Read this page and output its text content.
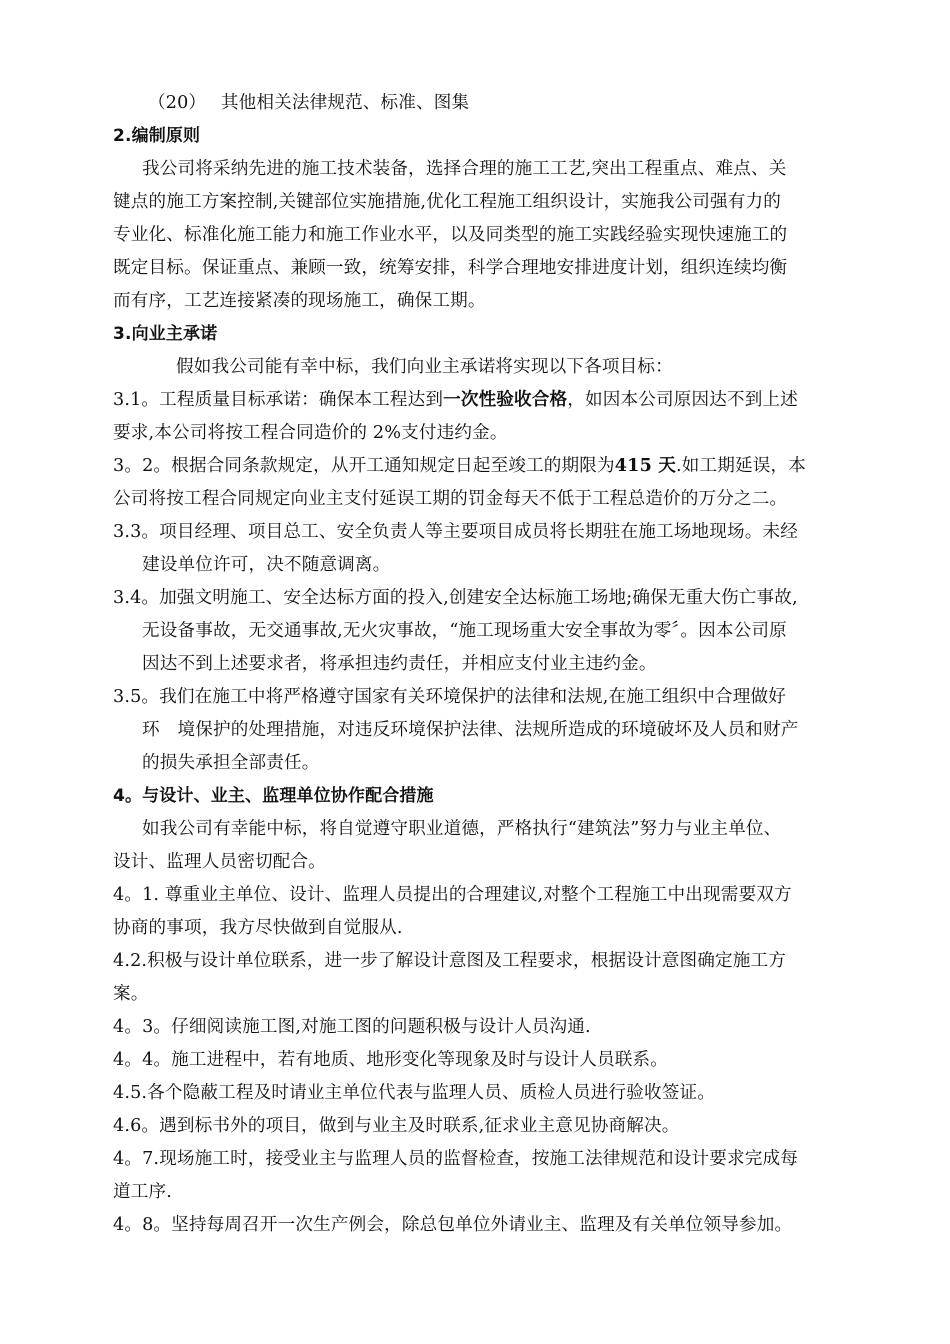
（20）　 其他相关法律规范、标准、图集
2.编制原则
我公司将采纳先进的施工技术装备，选择合理的施工工艺,突出工程重点、难点、关
键点的施工方案控制,关键部位实施措施,优化工程施工组织设计，实施我公司强有力的
专业化、标准化施工能力和施工作业水平，以及同类型的施工实践经验实现快速施工的
既定目标。保证重点、兼顾一致，统筹安排，科学合理地安排进度计划，组织连续均衡
而有序，工艺连接紧凑的现场施工，确保工期。
3.向业主承诺
假如我公司能有幸中标，我们向业主承诺将实现以下各项目标：
3.1。工程质量目标承诺：确保本工程达到一次性验收合格，如因本公司原因达不到上述
要求,本公司将按工程合同造价的 2%支付违约金。
3。2。根据合同条款规定，从开工通知规定日起至竣工的期限为415 天.如工期延误，本
公司将按工程合同规定向业主支付延误工期的罚金每天不低于工程总造价的万分之二。
3.3。项目经理、项目总工、安全负责人等主要项目成员将长期驻在施工场地现场。未经
建设单位许可，决不随意调离。
3.4。加强文明施工、安全达标方面的投入,创建安全达标施工场地;确保无重大伤亡事故,
无设备事故，无交通事故,无火灾事故，“施工现场重大安全事故为零〞。因本公司原
因达不到上述要求者，将承担违约责任，并相应支付业主违约金。
3.5。我们在施工中将严格遵守国家有关环境保护的法律和法规,在施工组织中合理做好
环　境保护的处理措施，对违反环境保护法律、法规所造成的环境破坏及人员和财产
的损失承担全部责任。
4。与设计、业主、监理单位协作配合措施
如我公司有幸能中标，将自觉遵守职业道德，严格执行“建筑法”努力与业主单位、
设计、监理人员密切配合。
4。1. 尊重业主单位、设计、监理人员提出的合理建议,对整个工程施工中出现需要双方
协商的事项，我方尽快做到自觉服从.
4.2.积极与设计单位联系，进一步了解设计意图及工程要求，根据设计意图确定施工方
案。
4。3。仔细阅读施工图,对施工图的问题积极与设计人员沟通.
4。4。施工进程中，若有地质、地形变化等现象及时与设计人员联系。
4.5.各个隐蔽工程及时请业主单位代表与监理人员、质检人员进行验收签证。
4.6。遇到标书外的项目，做到与业主及时联系,征求业主意见协商解决。
4。7.现场施工时，接受业主与监理人员的监督检查，按施工法律规范和设计要求完成每
道工序.
4。8。坚持每周召开一次生产例会，除总包单位外请业主、监理及有关单位领导参加。
